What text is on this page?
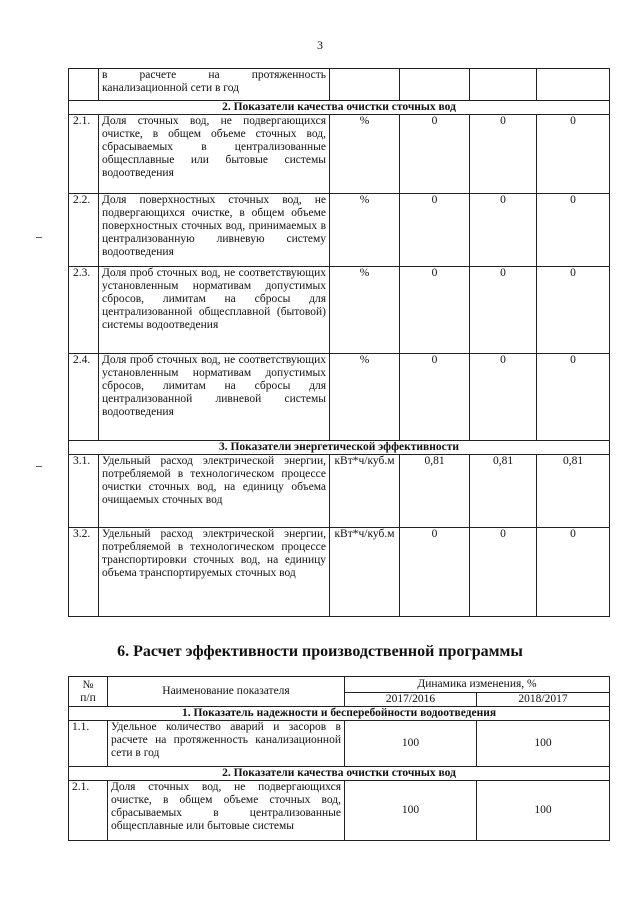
3
	в расчете на протяженность канализационной сети в год				
2. Показатели качества очистки сточных вод					
2.1.	Доля сточных вод, не подвергающихся очистке, в общем объеме сточных вод, сбрасываемых в централизованные общесплавные или бытовые системы водоотведения	%	0	0	0
2.2.	Доля поверхностных сточных вод, не подвергающихся очистке, в общем объеме поверхностных сточных вод, принимаемых в централизованную ливневую систему водоотведения	%	0	0	0
2.3.	Доля проб сточных вод, не соответствующих установленным нормативам допустимых сбросов, лимитам на сбросы для централизованной общесплавной (бытовой) системы водоотведения	%	0	0	0
2.4.	Доля проб сточных вод, не соответствующих установленным нормативам допустимых сбросов, лимитам на сбросы для централизованной ливневой системы водоотведения	%	0	0	0
3. Показатели энергетической эффективности					
3.1.	Удельный расход электрической энергии, потребляемой в технологическом процессе очистки сточных вод, на единицу объема очищаемых сточных вод	кВт*ч/куб.м	0,81	0,81	0,81
3.2.	Удельный расход электрической энергии, потребляемой в технологическом процессе транспортировки сточных вод, на единицу объема транспортируемых сточных вод	кВт*ч/куб.м	0	0	0
6. Расчет эффективности производственной программы
№
п/п	Наименование показателя	Динамика изменения, %	
		2017/2016	2018/2017
1. Показатель надежности и бесперебойности водоотведения			
1.1.	Удельное количество аварий и засоров в расчете на протяженность канализационной сети в год	100	100
2. Показатели качества очистки сточных вод			
2.1.	Доля сточных вод, не подвергающихся очистке, в общем объеме сточных вод, сбрасываемых в централизованные общесплавные или бытовые системы	100	100
